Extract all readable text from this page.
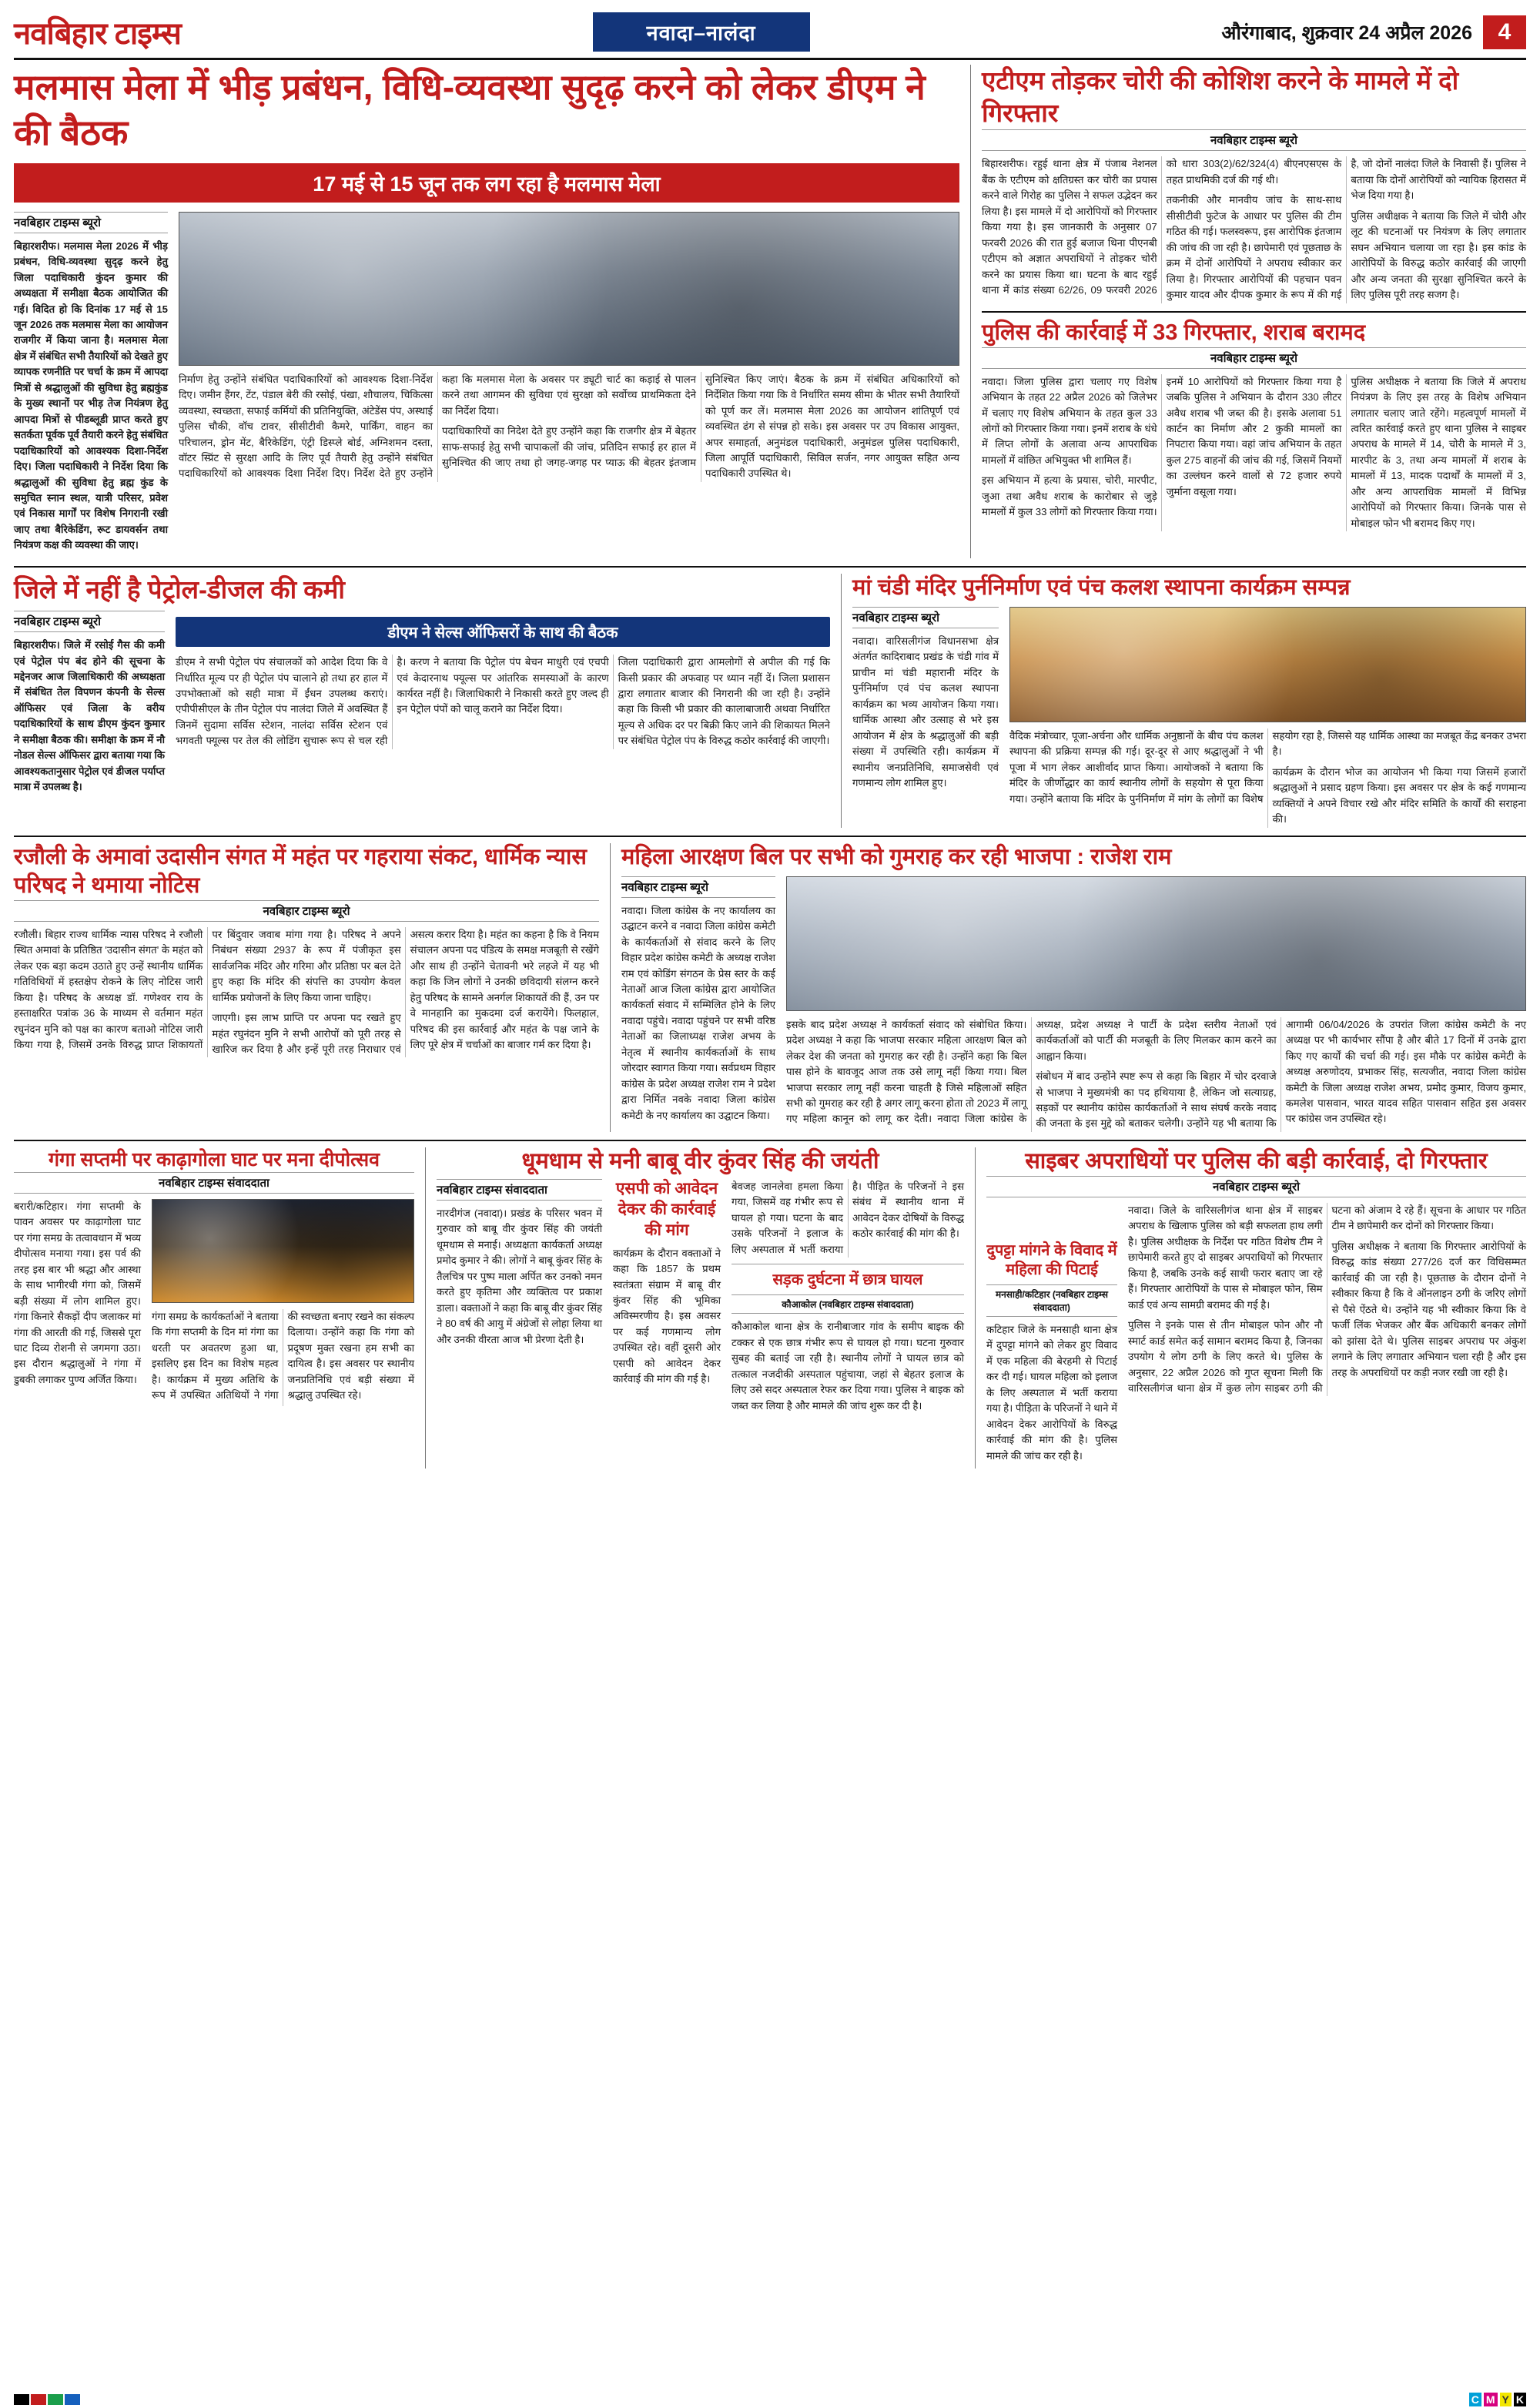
नवबिहार टाइम्स	नवादा–नालंदा	औरंगाबाद, शुक्रवार 24 अप्रैल 2026	4
मलमास मेला में भीड़ प्रबंधन, विधि-व्यवस्था सुदृढ़ करने को लेकर डीएम ने की बैठक
17 मई से 15 जून तक लग रहा है मलमास मेला
नवबिहार टाइम्स ब्यूरो

बिहारशरीफ। मलमास मेला 2026 में भीड़ प्रबंधन, विधि-व्यवस्था सुदृढ़ करने हेतु जिला पदाधिकारी कुंदन कुमार की अध्यक्षता में समीक्षा बैठक आयोजित की गई। विदित हो कि दिनांक 17 मई से 15 जून 2026 तक मलमास मेला का आयोजन राजगीर में किया जाना है। मलमास मेला क्षेत्र में संबंधित सभी तैयारियों को देखते हुए व्यापक रणनीति पर चर्चा के क्रम में आपदा मित्रों से श्रद्धालुओं की सुविधा हेतु ब्रह्मकुंड के मुख्य स्थानों पर भीड़ तेज नियंत्रण हेतु आपदा मित्रों से पीडब्लूडी प्राप्त करते हुए सतर्कता पूर्वक पूर्व तैयारी करने हेतु संबंधित पदाधिकारियों को आवश्यक दिशा-निर्देश दिए। जिला पदाधिकारी ने निर्देश दिया कि श्रद्धालुओं की सुविधा हेतु ब्रह्म कुंड के समुचित स्नान स्थल, यात्री परिसर, प्रवेश एवं निकास मार्गों पर विशेष निगरानी रखी जाए तथा बैरिकेडिंग, रूट डायवर्सन तथा नियंत्रण कक्ष की व्यवस्था की जाए।

निर्माण हेतु उन्होंने संबंधित पदाधिकारियों को आवश्यक दिशा-निर्देश दिए। जमीन हैंगर, टेंट, पंडाल बेरी की रसोई, पंखा, शौचालय, चिकित्सा व्यवस्था, स्वच्छता, सफाई कर्मियों की प्रतिनियुक्ति, अंटेडेंस पंप, अस्थाई पुलिस चौकी, वॉच टावर, सीसीटीवी कैमरे, पार्किंग, वाहन का परिचालन, ड्रोन मेंट, बैरिकेडिंग, एंट्री डिस्प्ले बोर्ड, अग्निशमन दस्ता, वॉटर स्प्रिंट से सुरक्षा आदि के लिए पूर्व तैयारी हेतु उन्होंने संबंधित पदाधिकारियों को आवश्यक दिशा निर्देश दिए। निर्देश देते हुए उन्होंने कहा कि मलमास मेला के अवसर पर ड्यूटी चार्ट का कड़ाई से पालन करने तथा आगमन की सुविधा एवं सुरक्षा को सर्वोच्च प्राथमिकता देने का निर्देश दिया।

पदाधिकारियों का निदेश देते हुए उन्होंने कहा कि राजगीर क्षेत्र में बेहतर साफ-सफाई हेतु सभी चापाकलों की जांच, प्रतिदिन सफाई हर हाल में सुनिश्चित की जाए तथा हो जगह-जगह पर प्याऊ की बेहतर इंतजाम सुनिश्चित किए जाएं। बैठक के क्रम में संबंधित अधिकारियों को निर्देशित किया गया कि वे निर्धारित समय सीमा के भीतर सभी तैयारियों को पूर्ण कर लें। मलमास मेला 2026 का आयोजन शांतिपूर्ण एवं व्यवस्थित ढंग से संपन्न हो सके। इस अवसर पर उप विकास आयुक्त, अपर समाहर्ता, अनुमंडल पदाधिकारी, अनुमंडल पुलिस पदाधिकारी, जिला आपूर्ति पदाधिकारी, सिविल सर्जन, नगर आयुक्त सहित अन्य पदाधिकारी उपस्थित थे।

एटीएम तोड़कर चोरी की कोशिश करने के मामले में दो गिरफ्तार
नवबिहार टाइम्स ब्यूरो

बिहारशरीफ। रहुई थाना क्षेत्र में पंजाब नेशनल बैंक के एटीएम को क्षतिग्रस्त कर चोरी का प्रयास करने वाले गिरोह का पुलिस ने सफल उद्भेदन कर लिया है। इस मामले में दो आरोपियों को गिरफ्तार किया गया है। इस जानकारी के अनुसार 07 फरवरी 2026 की रात हुई बजाज थिना पीएनबी एटीएम को अज्ञात अपराधियों ने तोड़कर चोरी करने का प्रयास किया था। घटना के बाद रहुई थाना में कांड संख्या 62/26, 09 फरवरी 2026 को धारा 303(2)/62/324(4) बीएनएसएस के तहत प्राथमिकी दर्ज की गई थी।

तकनीकी और मानवीय जांच के साथ-साथ सीसीटीवी फुटेज के आधार पर पुलिस की टीम गठित की गई। फलस्वरूप, इस आरोपिक इंतजाम की जांच की जा रही है। छापेमारी एवं पूछताछ के क्रम में दोनों आरोपियों ने अपराध स्वीकार कर लिया है। गिरफ्तार आरोपियों की पहचान पवन कुमार यादव और दीपक कुमार के रूप में की गई है, जो दोनों नालंदा जिले के निवासी हैं। पुलिस ने बताया कि दोनों आरोपियों को न्यायिक हिरासत में भेज दिया गया है।

पुलिस अधीक्षक ने बताया कि जिले में चोरी और लूट की घटनाओं पर नियंत्रण के लिए लगातार सघन अभियान चलाया जा रहा है। इस कांड के आरोपियों के विरुद्ध कठोर कार्रवाई की जाएगी और अन्य जनता की सुरक्षा सुनिश्चित करने के लिए पुलिस पूरी तरह सजग है।

पुलिस की कार्रवाई में 33 गिरफ्तार, शराब बरामद
नवबिहार टाइम्स ब्यूरो

नवादा। जिला पुलिस द्वारा चलाए गए विशेष अभियान के तहत 22 अप्रैल 2026 को जिलेभर में चलाए गए विशेष अभियान के तहत कुल 33 लोगों को गिरफ्तार किया गया। इनमें शराब के धंधे में लिप्त लोगों के अलावा अन्य आपराधिक मामलों में वांछित अभियुक्त भी शामिल हैं।

इस अभियान में हत्या के प्रयास, चोरी, मारपीट, जुआ तथा अवैध शराब के कारोबार से जुड़े मामलों में कुल 33 लोगों को गिरफ्तार किया गया। इनमें 10 आरोपियों को गिरफ्तार किया गया है जबकि पुलिस ने अभियान के दौरान 330 लीटर अवैध शराब भी जब्त की है। इसके अलावा 51 कार्टन का निर्माण और 2 कुकी मामलों का निपटारा किया गया। वहां जांच अभियान के तहत कुल 275 वाहनों की जांच की गई, जिसमें नियमों का उल्लंघन करने वालों से 72 हजार रुपये जुर्माना वसूला गया।

पुलिस अधीक्षक ने बताया कि जिले में अपराध नियंत्रण के लिए इस तरह के विशेष अभियान लगातार चलाए जाते रहेंगे। महत्वपूर्ण मामलों में त्वरित कार्रवाई करते हुए थाना पुलिस ने साइबर अपराध के मामले में 14, चोरी के मामले में 3, मारपीट के 3, तथा अन्य मामलों में शराब के मामलों में 13, मादक पदार्थों के मामलों में 3, और अन्य आपराधिक मामलों में विभिन्न आरोपियों को गिरफ्तार किया। जिनके पास से मोबाइल फोन भी बरामद किए गए।

जिले में नहीं है पेट्रोल-डीजल की कमी
नवबिहार टाइम्स ब्यूरो

बिहारशरीफ। जिले में रसोई गैस की कमी एवं पेट्रोल पंप बंद होने की सूचना के मद्देनजर आज जिलाधिकारी की अध्यक्षता में संबंधित तेल विपणन कंपनी के सेल्स ऑफिसर एवं जिला के वरीय पदाधिकारियों के साथ डीएम कुंदन कुमार ने समीक्षा बैठक की। समीक्षा के क्रम में नौ नोडल सेल्स ऑफिसर द्वारा बताया गया कि आवश्यकतानुसार पेट्रोल एवं डीजल पर्याप्त मात्रा में उपलब्ध है।

डीएम ने सेल्स ऑफिसरों के साथ की बैठक

डीएम ने सभी पेट्रोल पंप संचालकों को आदेश दिया कि वे निर्धारित मूल्य पर ही पेट्रोल पंप चालाने हो तथा हर हाल में उपभोक्ताओं को सही मात्रा में ईंधन उपलब्ध कराएं। एपीपीसीएल के तीन पेट्रोल पंप नालंदा जिले में अवस्थित हैं जिनमें सुदामा सर्विस स्टेशन, नालंदा सर्विस स्टेशन एवं भगवती फ्यूल्स पर तेल की लोडिंग सुचारू रूप से चल रही है। करण ने बताया कि पेट्रोल पंप बेचन माधुरी एवं एचपी एवं केदारनाथ फ्यूल्स पर आंतरिक समस्याओं के कारण कार्यरत नहीं है। जिलाधिकारी ने निकासी करते हुए जल्द ही इन पेट्रोल पंपों को चालू कराने का निर्देश दिया।

जिला पदाधिकारी द्वारा आमलोगों से अपील की गई कि किसी प्रकार की अफवाह पर ध्यान नहीं दें। जिला प्रशासन द्वारा लगातार बाजार की निगरानी की जा रही है। उन्होंने कहा कि किसी भी प्रकार की कालाबाजारी अथवा निर्धारित मूल्य से अधिक दर पर बिक्री किए जाने की शिकायत मिलने पर संबंधित पेट्रोल पंप के विरुद्ध कठोर कार्रवाई की जाएगी।

मां चंडी मंदिर पुर्ननिर्माण एवं पंच कलश स्थापना कार्यक्रम सम्पन्न
नवबिहार टाइम्स ब्यूरो

नवादा। वारिसलीगंज विधानसभा क्षेत्र अंतर्गत कादिराबाद प्रखंड के चंडी गांव में प्राचीन मां चंडी महारानी मंदिर के पुर्ननिर्माण एवं पंच कलश स्थापना कार्यक्रम का भव्य आयोजन किया गया। धार्मिक आस्था और उत्साह से भरे इस आयोजन में क्षेत्र के श्रद्धालुओं की बड़ी संख्या में उपस्थिति रही। कार्यक्रम में स्थानीय जनप्रतिनिधि, समाजसेवी एवं गणमान्य लोग शामिल हुए।

वैदिक मंत्रोच्चार, पूजा-अर्चना और धार्मिक अनुष्ठानों के बीच पंच कलश स्थापना की प्रक्रिया सम्पन्न की गई। दूर-दूर से आए श्रद्धालुओं ने भी पूजा में भाग लेकर आशीर्वाद प्राप्त किया। आयोजकों ने बताया कि मंदिर के जीर्णोद्धार का कार्य स्थानीय लोगों के सहयोग से पूरा किया गया। उन्होंने बताया कि मंदिर के पुर्ननिर्माण में मांग के लोगों का विशेष सहयोग रहा है, जिससे यह धार्मिक आस्था का मजबूत केंद्र बनकर उभरा है।

कार्यक्रम के दौरान भोज का आयोजन भी किया गया जिसमें हजारों श्रद्धालुओं ने प्रसाद ग्रहण किया। इस अवसर पर क्षेत्र के कई गणमान्य व्यक्तियों ने अपने विचार रखे और मंदिर समिति के कार्यों की सराहना की।

रजौली के अमावां उदासीन संगत में महंत पर गहराया संकट, धार्मिक न्यास परिषद ने थमाया नोटिस
नवबिहार टाइम्स ब्यूरो

रजौली। बिहार राज्य धार्मिक न्यास परिषद ने रजौली स्थित अमावां के प्रतिष्ठित 'उदासीन संगत' के महंत को लेकर एक बड़ा कदम उठाते हुए उन्हें स्थानीय धार्मिक गतिविधियों में हस्तक्षेप रोकने के लिए नोटिस जारी किया है। परिषद के अध्यक्ष डॉ. गणेश्वर राय के हस्ताक्षरित पत्रांक 36 के माध्यम से वर्तमान महंत रघुनंदन मुनि को पक्ष का कारण बताओ नोटिस जारी किया गया है, जिसमें उनके विरुद्ध प्राप्त शिकायतों पर बिंदुवार जवाब मांगा गया है। परिषद ने अपने निबंधन संख्या 2937 के रूप में पंजीकृत इस सार्वजनिक मंदिर और गरिमा और प्रतिष्ठा पर बल देते हुए कहा कि मंदिर की संपत्ति का उपयोग केवल धार्मिक प्रयोजनों के लिए किया जाना चाहिए।

जाएगी। इस लाभ प्राप्ति पर अपना पद रखते हुए महंत रघुनंदन मुनि ने सभी आरोपों को पूरी तरह से खारिज कर दिया है और इन्हें पूरी तरह निराधार एवं असत्य करार दिया है। महंत का कहना है कि वे नियम संचालन अपना पद पंडित्य के समक्ष मजबूती से रखेंगे और साथ ही उन्होंने चेतावनी भरे लहजे में यह भी कहा कि जिन लोगों ने उनकी छविदायी संलग्न करने हेतु परिषद के सामने अनर्गल शिकायतें की हैं, उन पर वे मानहानि का मुकदमा दर्ज करायेंगे। फिलहाल, परिषद की इस कार्रवाई और महंत के पक्ष जाने के लिए पूरे क्षेत्र में चर्चाओं का बाजार गर्म कर दिया है।

महिला आरक्षण बिल पर सभी को गुमराह कर रही भाजपा : राजेश राम
नवबिहार टाइम्स ब्यूरो

नवादा। जिला कांग्रेस के नए कार्यालय का उद्घाटन करने व नवादा जिला कांग्रेस कमेटी के कार्यकर्ताओं से संवाद करने के लिए विहार प्रदेश कांग्रेस कमेटी के अध्यक्ष राजेश राम एवं कोडिंग संगठन के प्रेस स्तर के कई नेताओं आज जिला कांग्रेस द्वारा आयोजित कार्यकर्ता संवाद में सम्मिलित होने के लिए नवादा पहुंचे। नवादा पहुंचने पर सभी वरिष्ठ नेताओं का जिलाध्यक्ष राजेश अभय के नेतृत्व में स्थानीय कार्यकर्ताओं के साथ जोरदार स्वागत किया गया। सर्वप्रथम विहार कांग्रेस के प्रदेश अध्यक्ष राजेश राम ने प्रदेश द्वारा निर्मित नवके नवादा जिला कांग्रेस कमेटी के नए कार्यालय का उद्घाटन किया।

इसके बाद प्रदेश अध्यक्ष ने कार्यकर्ता संवाद को संबोधित किया। प्रदेश अध्यक्ष ने कहा कि भाजपा सरकार महिला आरक्षण बिल को लेकर देश की जनता को गुमराह कर रही है। उन्होंने कहा कि बिल पास होने के बावजूद आज तक उसे लागू नहीं किया गया। बिल भाजपा सरकार लागू नहीं करना चाहती है जिसे महिलाओं सहित सभी को गुमराह कर रही है अगर लागू करना होता तो 2023 में लागू गए महिला कानून को लागू कर देती। नवादा जिला कांग्रेस के अध्यक्ष, प्रदेश अध्यक्ष ने पार्टी के प्रदेश स्तरीय नेताओं एवं कार्यकर्ताओं को पार्टी की मजबूती के लिए मिलकर काम करने का आह्वान किया।

संबोधन में बाद उन्होंने स्पष्ट रूप से कहा कि बिहार में चोर दरवाजे से भाजपा ने मुख्यमंत्री का पद हथियाया है, लेकिन जो सत्याग्रह, सड़कों पर स्थानीय कांग्रेस कार्यकर्ताओं ने साथ संघर्ष करके नवाद की जनता के इस मुद्दे को बताकर चलेगी। उन्होंने यह भी बताया कि आगामी 06/04/2026 के उपरांत जिला कांग्रेस कमेटी के नए अध्यक्ष पर भी कार्यभार सौंपा है और बीते 17 दिनों में उनके द्वारा किए गए कार्यों की चर्चा की गई। इस मौके पर कांग्रेस कमेटी के अध्यक्ष अरुणोदय, प्रभाकर सिंह, सत्यजीत, नवादा जिला कांग्रेस कमेटी के जिला अध्यक्ष राजेश अभय, प्रमोद कुमार, विजय कुमार, कमलेश पासवान, भारत यादव सहित पासवान सहित इस अवसर पर कांग्रेस जन उपस्थित रहे।

गंगा सप्तमी पर काढ़ागोला घाट पर मना दीपोत्सव
नवबिहार टाइम्स संवाददाता

बरारी/कटिहार। गंगा सप्तमी के पावन अवसर पर काढ़ागोला घाट पर गंगा समग्र के तत्वावधान में भव्य दीपोत्सव मनाया गया। इस पर्व की तरह इस बार भी श्रद्धा और आस्था के साथ भागीरथी गंगा को, जिसमें बड़ी संख्या में लोग शामिल हुए। गंगा किनारे सैकड़ों दीप जलाकर मां गंगा की आरती की गई, जिससे पूरा घाट दिव्य रोशनी से जगमगा उठा। इस दौरान श्रद्धालुओं ने गंगा में डुबकी लगाकर पुण्य अर्जित किया।

गंगा समग्र के कार्यकर्ताओं ने बताया कि गंगा सप्तमी के दिन मां गंगा का धरती पर अवतरण हुआ था, इसलिए इस दिन का विशेष महत्व है। कार्यक्रम में मुख्य अतिथि के रूप में उपस्थित अतिथियों ने गंगा की स्वच्छता बनाए रखने का संकल्प दिलाया। उन्होंने कहा कि गंगा को प्रदूषण मुक्त रखना हम सभी का दायित्व है। इस अवसर पर स्थानीय जनप्रतिनिधि एवं बड़ी संख्या में श्रद्धालु उपस्थित रहे।

धूमधाम से मनी बाबू वीर कुंवर सिंह की जयंती
नवबिहार टाइम्स संवाददाता

नारदीगंज (नवादा)। प्रखंड के परिसर भवन में गुरुवार को बाबू वीर कुंवर सिंह की जयंती धूमधाम से मनाई। अध्यक्षता कार्यकर्ता अध्यक्ष प्रमोद कुमार ने की। लोगों ने बाबू कुंवर सिंह के तैलचित्र पर पुष्प माला अर्पित कर उनको नमन करते हुए कृतिमा और व्यक्तित्व पर प्रकाश डाला। वक्ताओं ने कहा कि बाबू वीर कुंवर सिंह ने 80 वर्ष की आयु में अंग्रेजों से लोहा लिया था और उनकी वीरता आज भी प्रेरणा देती है।

एसपी को आवेदन देकर की कार्रवाई की मांग

कार्यक्रम के दौरान वक्ताओं ने कहा कि 1857 के प्रथम स्वतंत्रता संग्राम में बाबू वीर कुंवर सिंह की भूमिका अविस्मरणीय है। इस अवसर पर कई गणमान्य लोग उपस्थित रहे। वहीं दूसरी ओर एसपी को आवेदन देकर कार्रवाई की मांग की गई है।

बेवजह जानलेवा हमला किया गया, जिसमें वह गंभीर रूप से घायल हो गया। घटना के बाद उसके परिजनों ने इलाज के लिए अस्पताल में भर्ती कराया है। पीड़ित के परिजनों ने इस संबंध में स्थानीय थाना में आवेदन देकर दोषियों के विरुद्ध कठोर कार्रवाई की मांग की है।

सड़क दुर्घटना में छात्र घायल
कौआकोल (नवबिहार टाइम्स संवाददाता)

कौआकोल थाना क्षेत्र के रानीबाजार गांव के समीप बाइक की टक्कर से एक छात्र गंभीर रूप से घायल हो गया। घटना गुरुवार सुबह की बताई जा रही है। स्थानीय लोगों ने घायल छात्र को तत्काल नजदीकी अस्पताल पहुंचाया, जहां से बेहतर इलाज के लिए उसे सदर अस्पताल रेफर कर दिया गया। पुलिस ने बाइक को जब्त कर लिया है और मामले की जांच शुरू कर दी है।

साइबर अपराधियों पर पुलिस की बड़ी कार्रवाई, दो गिरफ्तार
नवबिहार टाइम्स ब्यूरो
दुपट्टा मांगने के विवाद में महिला की पिटाई
मनसाही/कटिहार (नवबिहार टाइम्स संवाददाता)

कटिहार जिले के मनसाही थाना क्षेत्र में दुपट्टा मांगने को लेकर हुए विवाद में एक महिला की बेरहमी से पिटाई कर दी गई। घायल महिला को इलाज के लिए अस्पताल में भर्ती कराया गया है। पीड़िता के परिजनों ने थाने में आवेदन देकर आरोपियों के विरुद्ध कार्रवाई की मांग की है। पुलिस मामले की जांच कर रही है।

नवादा। जिले के वारिसलीगंज थाना क्षेत्र में साइबर अपराध के खिलाफ पुलिस को बड़ी सफलता हाथ लगी है। पुलिस अधीक्षक के निर्देश पर गठित विशेष टीम ने छापेमारी करते हुए दो साइबर अपराधियों को गिरफ्तार किया है, जबकि उनके कई साथी फरार बताए जा रहे हैं। गिरफ्तार आरोपियों के पास से मोबाइल फोन, सिम कार्ड एवं अन्य सामग्री बरामद की गई है।

पुलिस ने इनके पास से तीन मोबाइल फोन और नौ स्मार्ट कार्ड समेत कई सामान बरामद किया है, जिनका उपयोग ये लोग ठगी के लिए करते थे। पुलिस के अनुसार, 22 अप्रैल 2026 को गुप्त सूचना मिली कि वारिसलीगंज थाना क्षेत्र में कुछ लोग साइबर ठगी की घटना को अंजाम दे रहे हैं। सूचना के आधार पर गठित टीम ने छापेमारी कर दोनों को गिरफ्तार किया।

पुलिस अधीक्षक ने बताया कि गिरफ्तार आरोपियों के विरुद्ध कांड संख्या 277/26 दर्ज कर विधिसम्मत कार्रवाई की जा रही है। पूछताछ के दौरान दोनों ने स्वीकार किया है कि वे ऑनलाइन ठगी के जरिए लोगों से पैसे ऐंठते थे। उन्होंने यह भी स्वीकार किया कि वे फर्जी लिंक भेजकर और बैंक अधिकारी बनकर लोगों को झांसा देते थे। पुलिस साइबर अपराध पर अंकुश लगाने के लिए लगातार अभियान चला रही है और इस तरह के अपराधियों पर कड़ी नजर रखी जा रही है।

C M Y K
